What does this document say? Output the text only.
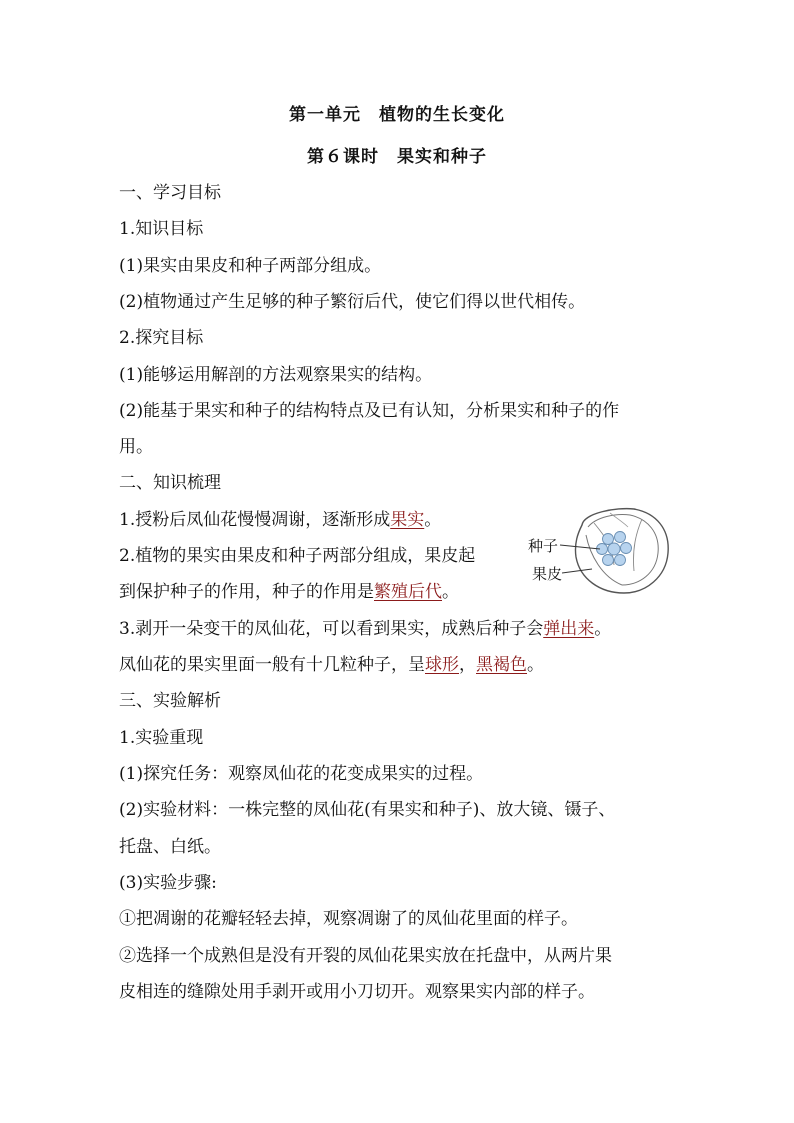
第一单元　植物的生长变化
第６课时　果实和种子
一、学习目标
1.知识目标
(1)果实由果皮和种子两部分组成。
(2)植物通过产生足够的种子繁衍后代，使它们得以世代相传。
2.探究目标
(1)能够运用解剖的方法观察果实的结构。
(2)能基于果实和种子的结构特点及已有认知，分析果实和种子的作
用。
二、知识梳理
1.授粉后凤仙花慢慢凋谢，逐渐形成果实。
2.植物的果实由果皮和种子两部分组成，果皮起
到保护种子的作用，种子的作用是繁殖后代。
3.剥开一朵变干的凤仙花，可以看到果实，成熟后种子会弹出来。
凤仙花的果实里面一般有十几粒种子，呈球形，黑褐色。
种子
果皮
三、实验解析
1.实验重现
(1)探究任务：观察凤仙花的花变成果实的过程。
(2)实验材料：一株完整的凤仙花(有果实和种子)、放大镜、镊子、
托盘、白纸。
(3)实验步骤:
①把凋谢的花瓣轻轻去掉，观察凋谢了的凤仙花里面的样子。
②选择一个成熟但是没有开裂的凤仙花果实放在托盘中，从两片果
皮相连的缝隙处用手剥开或用小刀切开。观察果实内部的样子。
